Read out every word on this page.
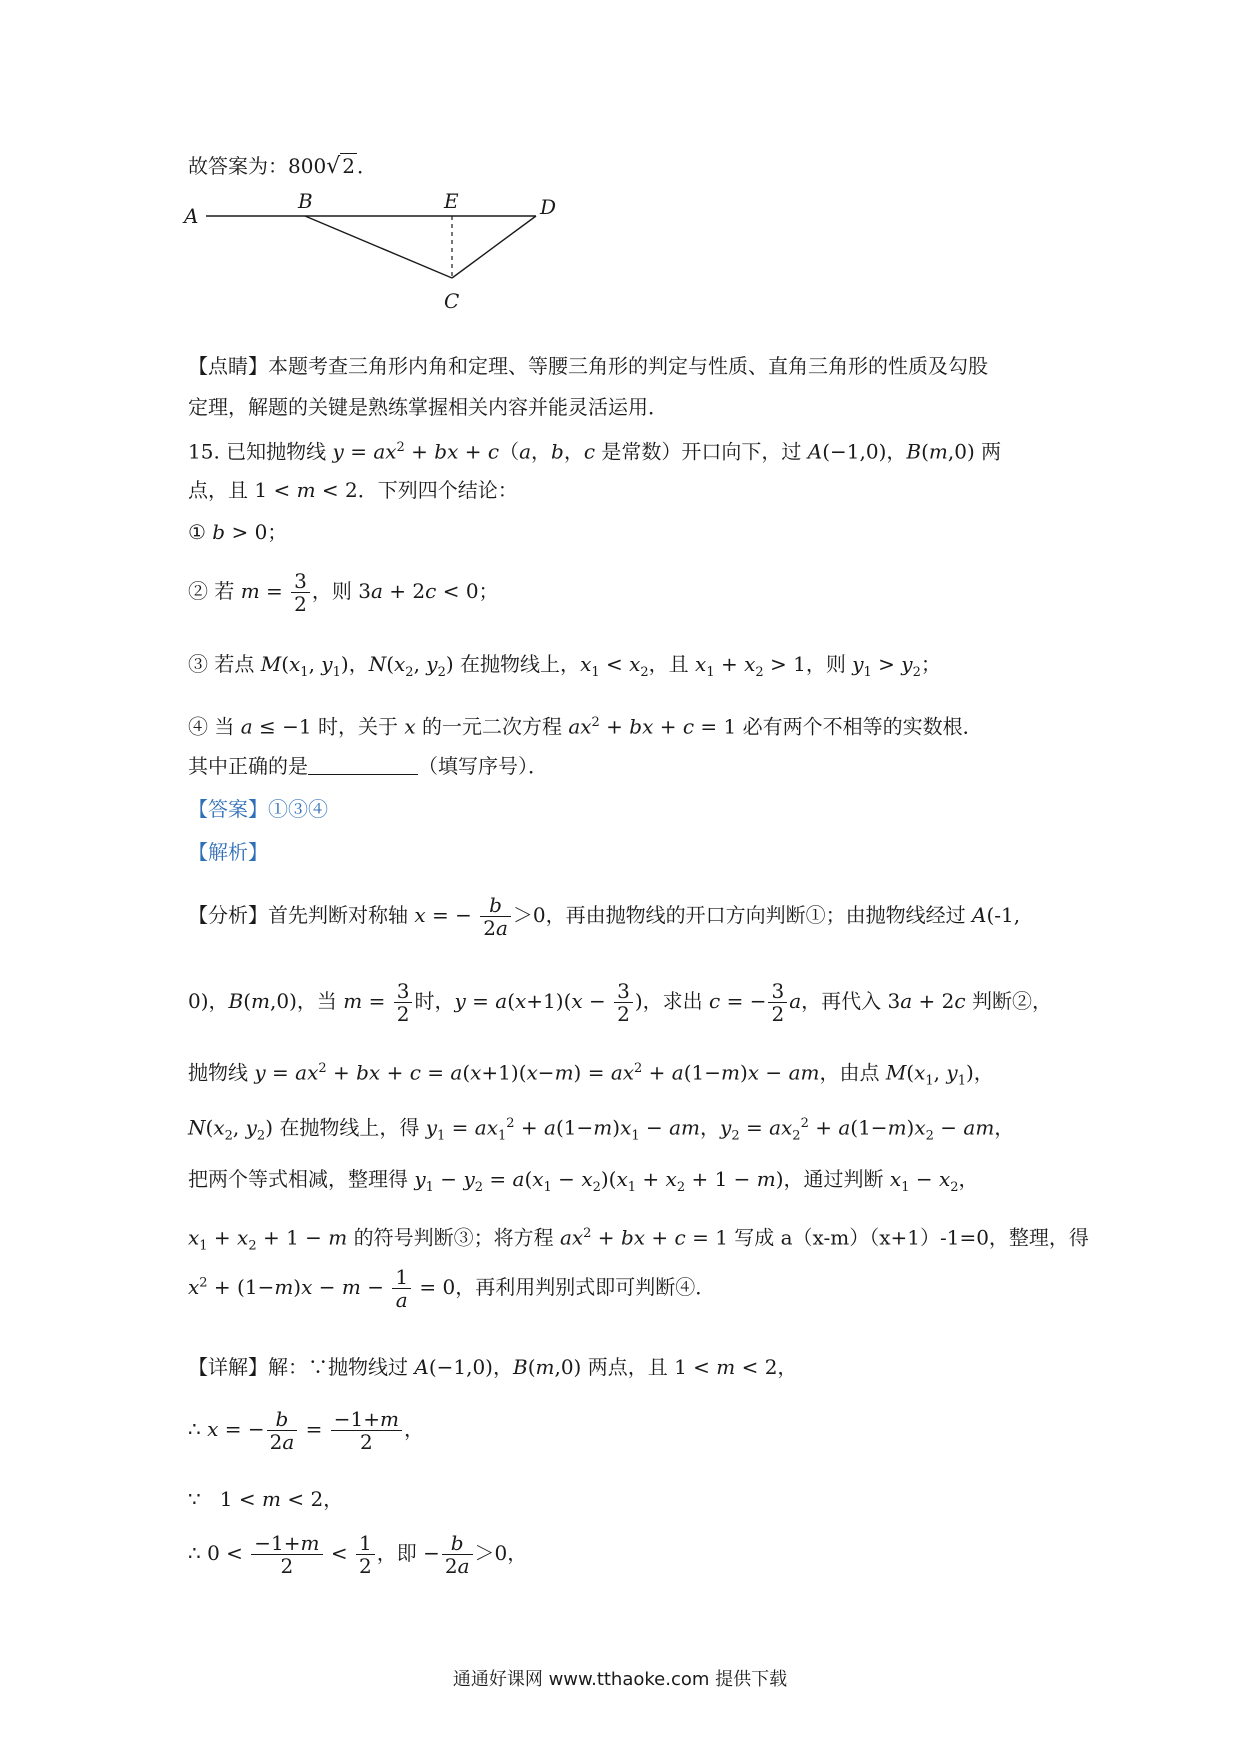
故答案为：800√ 2 ．
A
B	E	D
C
【点睛】本题考查三角形内角和定理、等腰三角形的判定与性质、直角三角形的性质及勾股
定理，解题的关键是熟练掌握相关内容并能灵活运用．
15. 已知抛物线 $y = ax^2$ + bx + c（a，b，c 是常数）开口向下，过 A(−1,0)，B(m,0) 两
点，且 1 < m < 2．下列四个结论：
① b > 0；
② 若 $m = \frac{3}{2}$ ，则 3a + 2c < 0；
③ 若点 $M(x_1$, $y_1$)，$N(x_2$, $y_2$) 在抛物线上，$x_1 < x_2$，且 $x_1 + x_2 > 1$，则 $y_1 > y_2$；
④ 当 a ≤ −1 时，关于 x 的一元二次方程 $ax^2$ + bx + c = 1 必有两个不相等的实数根．
其中正确的是	（填写序号）．
【答案】①③④
【解析】
【分析】首先判断对称轴 x = − $\frac{b}{2a} >0$，再由抛物线的开口方向判断①；由抛物线经过 A(-1,
0)，B(m,0)，当 $m = \frac{3}{2}$ 时，$y = a(x+1)(x - \frac{3}{2}$ )，求出 c = − $\frac{3}{2}$ a，再代入 3a + 2c 判断②，
抛物线 $y = ax^2$ + bx + $c = a(x+1)(x-m) = ax^2 + a(1-m)x$ − am，由点 $M(x_1$, $y_1$)，
$N(x_2$, $y_2$) 在抛物线上，得 $y_1 = ax_1^2 + a(1-m)x_1$ − am，$y_2 = ax_2^2 + a(1-m)x_2$ − am，
把两个等式相减，整理得 $y_1 - y_2 = a(x_1 - x_2)(x_1 + x_2 + 1 - m)$，通过判断 $x_1 - x_2$，
$x_1 + x_2 + 1 - m$ 的符号判断③；将方程 $ax^2$ + bx + c = 1 写成 a（x-m）（x+1）-1=0，整理，得
$x^2 + (1-m)x - m - \frac{1}{a} = 0$，再利用判别式即可判断④．
【详解】解：∵抛物线过 A(−1,0)，B(m,0) 两点，且 1 < m < 2，
∴ x = − $\frac{b}{2a} = \frac{-1+m}{2}$ ，
∵   1 < m < 2，
∴ $0 < \frac{-1+m}{2} < \frac{1}{2}$ ，即 − $\frac{b}{2a} >0$，
通通好课网 www.tthaoke.com 提供下载
